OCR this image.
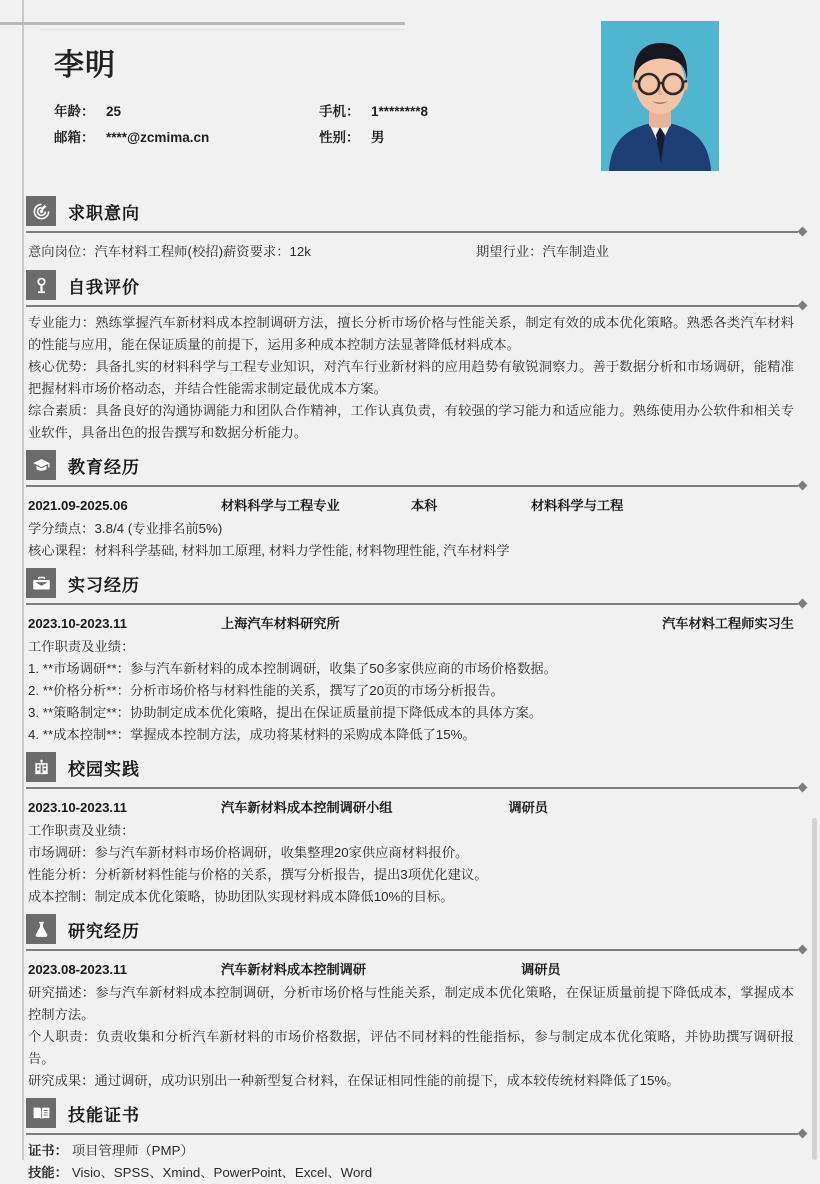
李明
年龄： 25	手机： 1********8
邮箱： ****@zcmima.cn	性别： 男
求职意向
意向岗位：汽车材料工程师(校招)薪资要求：12k	期望行业：汽车制造业
自我评价
专业能力：熟练掌握汽车新材料成本控制调研方法，擅长分析市场价格与性能关系，制定有效的成本优化策略。熟悉各类汽车材料的性能与应用，能在保证质量的前提下，运用多种成本控制方法显著降低材料成本。
核心优势：具备扎实的材料科学与工程专业知识，对汽车行业新材料的应用趋势有敏锐洞察力。善于数据分析和市场调研，能精准把握材料市场价格动态，并结合性能需求制定最优成本方案。
综合素质：具备良好的沟通协调能力和团队合作精神，工作认真负责，有较强的学习能力和适应能力。熟练使用办公软件和相关专业软件，具备出色的报告撰写和数据分析能力。
教育经历
2021.09-2025.06	材料科学与工程专业	本科	材料科学与工程
学分绩点： 3.8/4 (专业排名前5%)
核心课程： 材料科学基础, 材料加工原理, 材料力学性能, 材料物理性能, 汽车材料学
实习经历
2023.10-2023.11	上海汽车材料研究所	汽车材料工程师实习生
工作职责及业绩：
1. **市场调研**：参与汽车新材料的成本控制调研，收集了50多家供应商的市场价格数据。
2. **价格分析**：分析市场价格与材料性能的关系，撰写了20页的市场分析报告。
3. **策略制定**：协助制定成本优化策略，提出在保证质量前提下降低成本的具体方案。
4. **成本控制**：掌握成本控制方法，成功将某材料的采购成本降低了15%。
校园实践
2023.10-2023.11	汽车新材料成本控制调研小组	调研员
工作职责及业绩：
市场调研：参与汽车新材料市场价格调研，收集整理20家供应商材料报价。
性能分析：分析新材料性能与价格的关系，撰写分析报告，提出3项优化建议。
成本控制：制定成本优化策略，协助团队实现材料成本降低10%的目标。
研究经历
2023.08-2023.11	汽车新材料成本控制调研	调研员
研究描述：参与汽车新材料成本控制调研，分析市场价格与性能关系，制定成本优化策略，在保证质量前提下降低成本，掌握成本控制方法。
个人职责：负责收集和分析汽车新材料的市场价格数据，评估不同材料的性能指标，参与制定成本优化策略，并协助撰写调研报告。
研究成果：通过调研，成功识别出一种新型复合材料，在保证相同性能的前提下，成本较传统材料降低了15%。
技能证书
证书： 项目管理师（PMP）
技能： Visio、SPSS、Xmind、PowerPoint、Excel、Word
